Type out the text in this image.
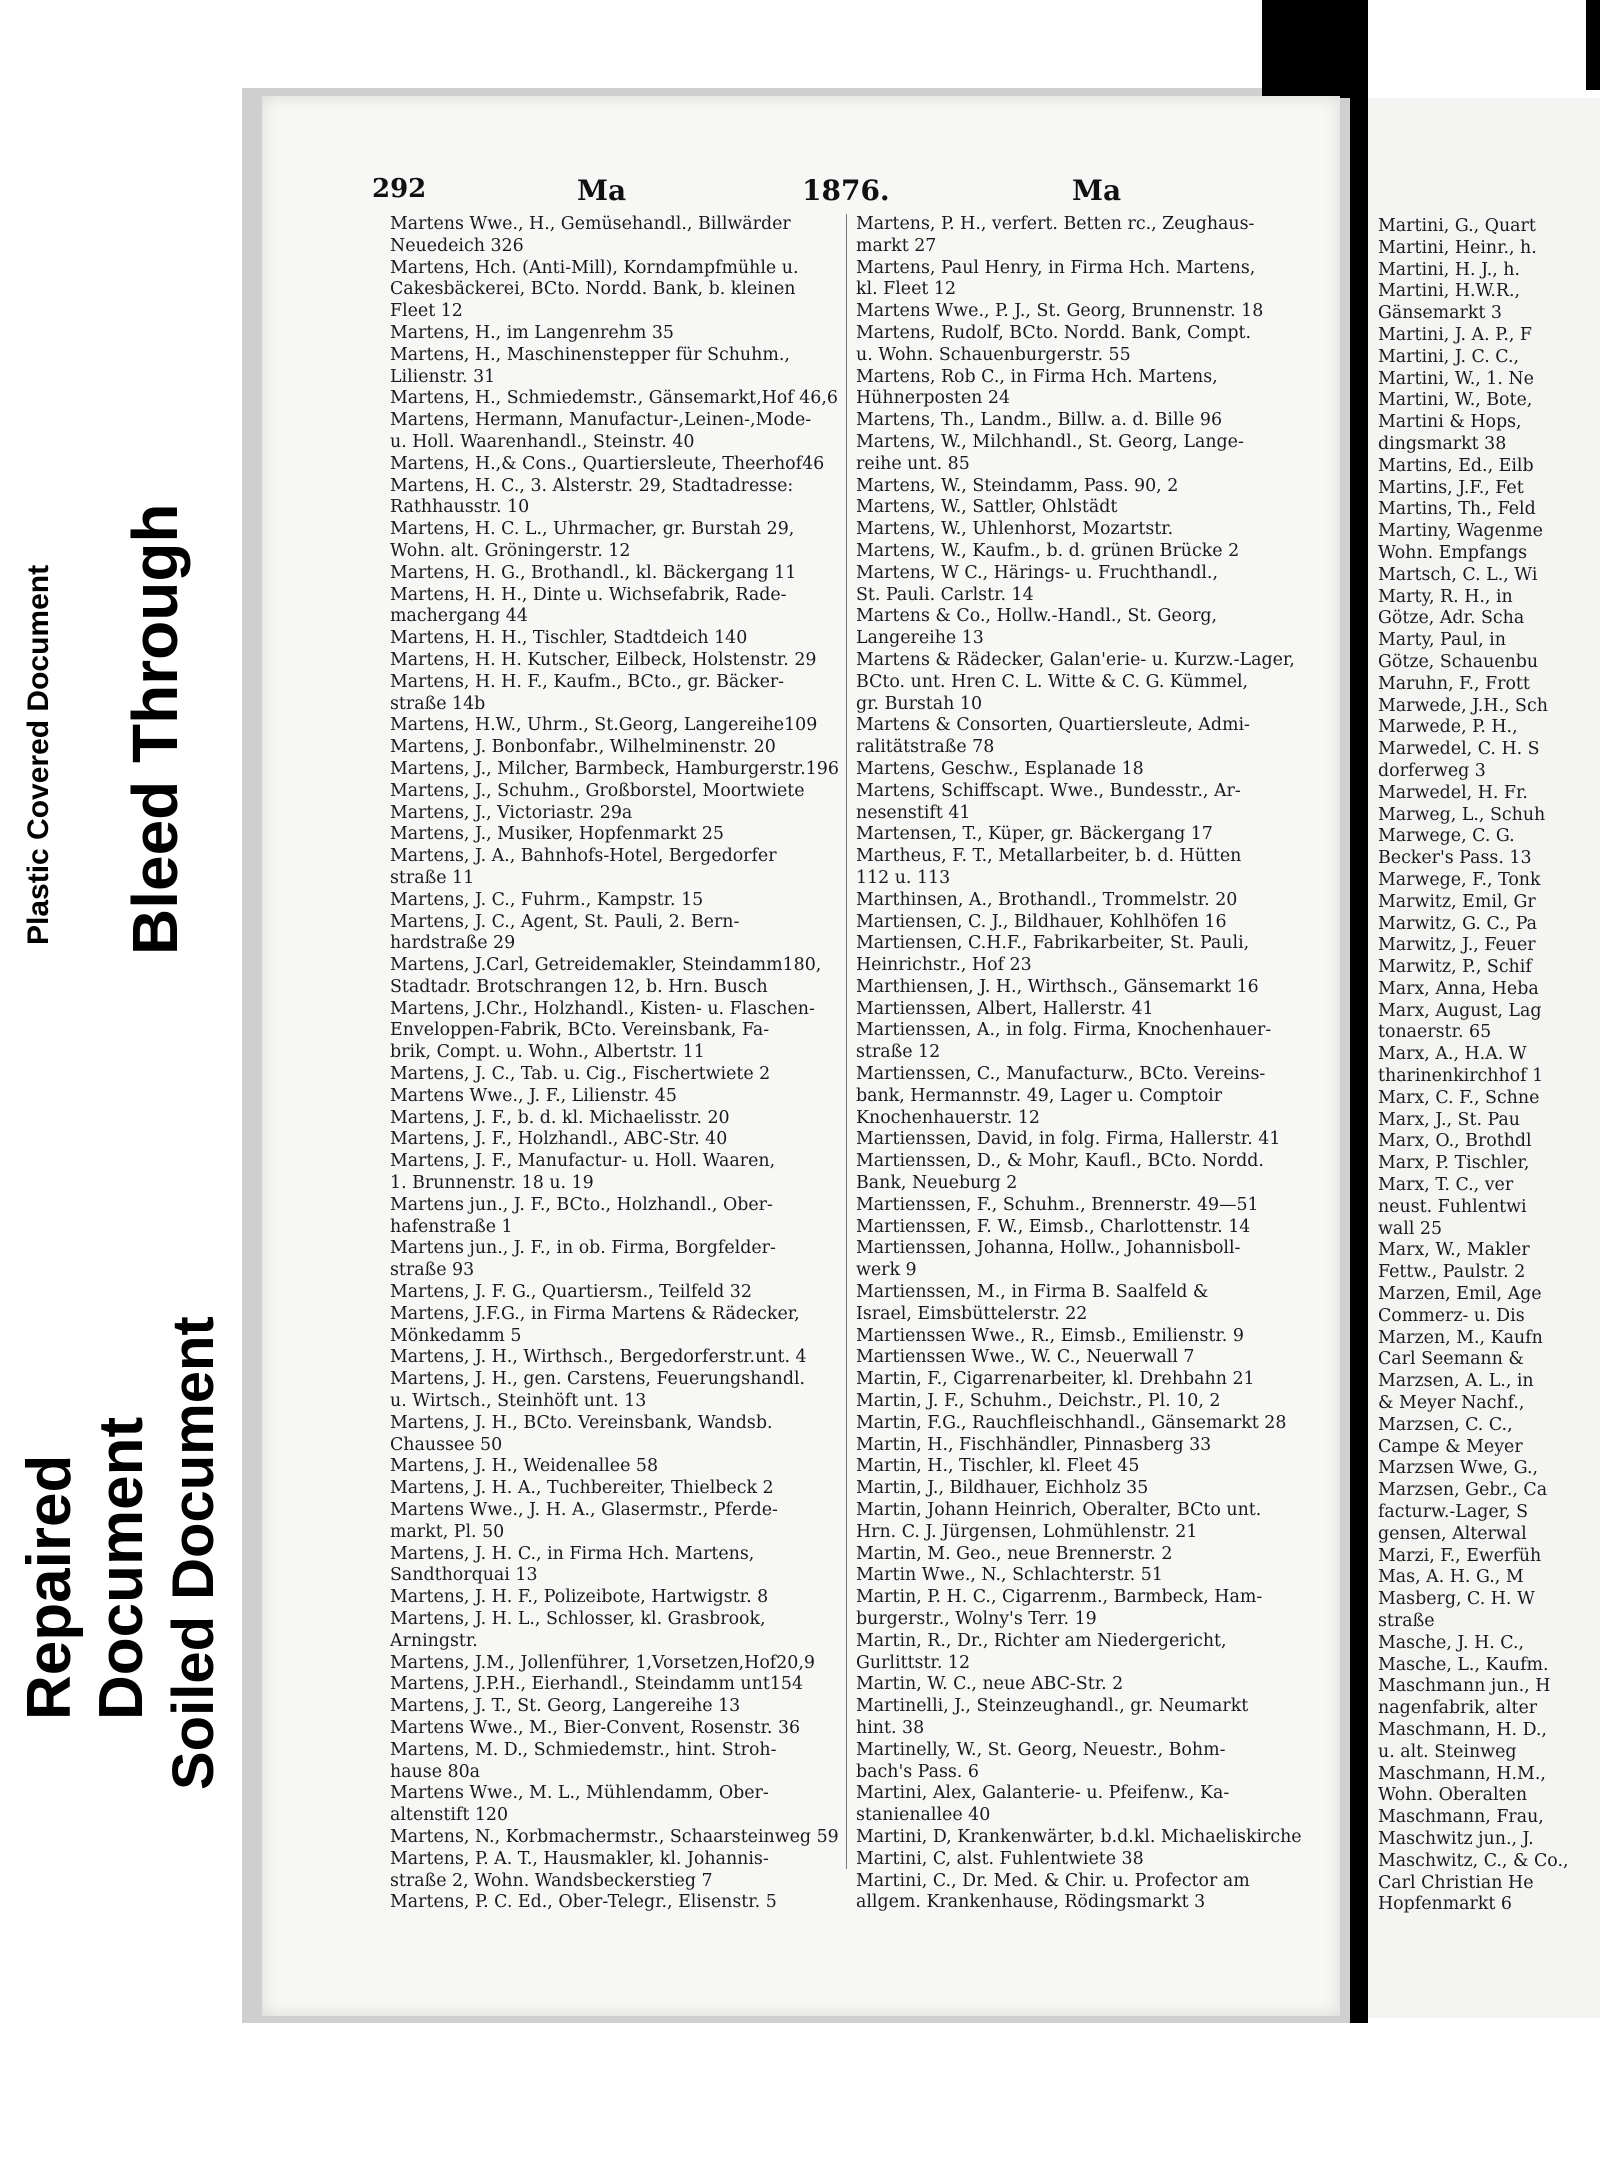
Plastic Covered Document Bleed Through
Repaired Document Soiled Document
292	Ma	1876.	Ma
Martens Wwe., H., Gemüsehandl., Billwärder
Neuedeich 326
Martens, Hch. (Anti-Mill), Korndampfmühle u.
Cakesbäckerei, BCto. Nordd. Bank, b. kleinen
Fleet 12
Martens, H., im Langenrehm 35
Martens, H., Maschinensteppеr für Schuhm.,
Lilienstr. 31
Martens, H., Schmiedemstr., Gänsemarkt,Hof 46,6
Martens, Hermann, Manufactur-,Leinen-,Mode-
u. Holl. Waarenhandl., Steinstr. 40
Martens, H.,& Cons., Quartiersleute, Theerhof46
Martens, H. C., 3. Alsterstr. 29, Stadtadresse:
Rathhausstr. 10
Martens, H. C. L., Uhrmacher, gr. Burstah 29,
Wohn. alt. Gröningerstr. 12
Martens, H. G., Brothandl., kl. Bäckergang 11
Martens, H. H., Dinte u. Wichsefabrik, Rade-
machergang 44
Martens, H. H., Tischler, Stadtdeich 140
Martens, H. H. Kutscher, Eilbeck, Holstenstr. 29
Martens, H. H. F., Kaufm., BCto., gr. Bäcker-
straße 14b
Martens, H.W., Uhrm., St.Georg, Langereihe109
Martens, J. Bonbonfabr., Wilhelminenstr. 20
Martens, J., Milcher, Barmbeck, Hamburgerstr.196
Martens, J., Schuhm., Großborstel, Moortwiete
Martens, J., Victoriastr. 29a
Martens, J., Musiker, Hopfenmarkt 25
Martens, J. A., Bahnhofs-Hotel, Bergedorfer
straße 11
Martens, J. C., Fuhrm., Kampstr. 15
Martens, J. C., Agent, St. Pauli, 2. Bern-
hardstraße 29
Martens, J.Carl, Getreidemakler, Steindamm180,
Stadtadr. Brotschrangen 12, b. Hrn. Busch
Martens, J.Chr., Holzhandl., Kisten- u. Flaschen-
Enveloppen-Fabrik, BCto. Vereinsbank, Fa-
brik, Compt. u. Wohn., Albertstr. 11
Martens, J. C., Tab. u. Cig., Fischertwiete 2
Martens Wwe., J. F., Lilienstr. 45
Martens, J. F., b. d. kl. Michaelisstr. 20
Martens, J. F., Holzhandl., ABC-Str. 40
Martens, J. F., Manufactur- u. Holl. Waaren,
1. Brunnenstr. 18 u. 19
Martens jun., J. F., BCto., Holzhandl., Ober-
hafenstraße 1
Martens jun., J. F., in ob. Firma, Borgfelder-
straße 93
Martens, J. F. G., Quartiersm., Teilfeld 32
Martens, J.F.G., in Firma Martens & Rädecker,
Mönkedamm 5
Martens, J. H., Wirthsch., Bergedorferstr.unt. 4
Martens, J. H., gen. Carstens, Feuerungshandl.
u. Wirtsch., Steinhöft unt. 13
Martens, J. H., BCto. Vereinsbank, Wandsb.
Chaussee 50
Martens, J. H., Weidenallee 58
Martens, J. H. A., Tuchbereiter, Thielbeck 2
Martens Wwe., J. H. A., Glasermstr., Pferde-
markt, Pl. 50
Martens, J. H. C., in Firma Hch. Martens,
Sandthorquai 13
Martens, J. H. F., Polizeibote, Hartwigstr. 8
Martens, J. H. L., Schlosser, kl. Grasbrook,
Arningstr.
Martens, J.M., Jollenführer, 1,Vorsetzen,Hof20,9
Martens, J.P.H., Eierhandl., Steindamm unt154
Martens, J. T., St. Georg, Langereihe 13
Martens Wwe., M., Bier-Convent, Rosenstr. 36
Martens, M. D., Schmiedemstr., hint. Stroh-
hause 80a
Martens Wwe., M. L., Mühlendamm, Ober-
altenstift 120
Martens, N., Korbmachermstr., Schaarsteinweg 59
Martens, P. A. T., Hausmakler, kl. Johannis-
straße 2, Wohn. Wandsbeckerstieg 7
Martens, P. C. Ed., Ober-Telegr., Elisenstr. 5
Martens, P. H., verfert. Betten rc., Zeughaus-
markt 27
Martens, Paul Henry, in Firma Hch. Martens,
kl. Fleet 12
Martens Wwe., P. J., St. Georg, Brunnenstr. 18
Martens, Rudolf, BCto. Nordd. Bank, Compt.
u. Wohn. Schauenburgerstr. 55
Martens, Rob C., in Firma Hch. Martens,
Hühnerposten 24
Martens, Th., Landm., Billw. a. d. Bille 96
Martens, W., Milchhandl., St. Georg, Lange-
reihe unt. 85
Martens, W., Steindamm, Pass. 90, 2
Martens, W., Sattler, Ohlstädt
Martens, W., Uhlenhorst, Mozartstr.
Martens, W., Kaufm., b. d. grünen Brücke 2
Martens, W C., Härings- u. Fruchthandl.,
St. Pauli. Carlstr. 14
Martens & Co., Hollw.-Handl., St. Georg,
Langereihe 13
Martens & Rädecker, Galan'erie- u. Kurzw.-Lager,
BCto. unt. Hren C. L. Witte & C. G. Kümmel,
gr. Burstah 10
Martens & Consorten, Quartiersleute, Admi-
ralitätstraße 78
Martens, Geschw., Esplanade 18
Martens, Schiffscapt. Wwe., Bundesstr., Ar-
nesenstift 41
Martensen, T., Küper, gr. Bäckergang 17
Martheus, F. T., Metallarbeiter, b. d. Hütten
112 u. 113
Marthinsen, A., Brothandl., Trommelstr. 20
Martiensen, C. J., Bildhauer, Kohlhöfen 16
Martiensen, C.H.F., Fabrikarbeiter, St. Pauli,
Heinrichstr., Hof 23
Marthiensen, J. H., Wirthsch., Gänsemarkt 16
Martienssen, Albert, Hallerstr. 41
Martienssen, A., in folg. Firma, Knochenhauer-
straße 12
Martienssen, C., Manufacturw., BCto. Vereins-
bank, Hermannstr. 49, Lager u. Comptoir
Knochenhauerstr. 12
Martienssen, David, in folg. Firma, Hallerstr. 41
Martienssen, D., & Mohr, Kaufl., BCto. Nordd.
Bank, Neueburg 2
Martienssen, F., Schuhm., Brennerstr. 49—51
Martienssen, F. W., Eimsb., Charlottenstr. 14
Martienssen, Johanna, Hollw., Johannisboll-
werk 9
Martienssen, M., in Firma B. Saalfeld &
Israel, Eimsbüttelerstr. 22
Martienssen Wwe., R., Eimsb., Emilienstr. 9
Martienssen Wwe., W. C., Neuerwall 7
Martin, F., Cigarrenarbeiter, kl. Drehbahn 21
Martin, J. F., Schuhm., Deichstr., Pl. 10, 2
Martin, F.G., Rauchfleischhandl., Gänsemarkt 28
Martin, H., Fischhändler, Pinnasberg 33
Martin, H., Tischler, kl. Fleet 45
Martin, J., Bildhauer, Eichholz 35
Martin, Johann Heinrich, Oberalter, BCto unt.
Hrn. C. J. Jürgensen, Lohmühlenstr. 21
Martin, M. Geo., neue Brennerstr. 2
Martin Wwe., N., Schlachterstr. 51
Martin, P. H. C., Cigarrenm., Barmbeck, Ham-
burgerstr., Wolny's Terr. 19
Martin, R., Dr., Richter am Niedergericht,
Gurlittstr. 12
Martin, W. C., neue ABC-Str. 2
Martinelli, J., Steinzeughandl., gr. Neumarkt
hint. 38
Martinelly, W., St. Georg, Neuestr., Bohm-
bach's Pass. 6
Martini, Alex, Galanterie- u. Pfeifenw., Ka-
stanienallee 40
Martini, D, Krankenwärter, b.d.kl. Michaeliskirche
Martini, C, alst. Fuhlentwiete 38
Martini, C., Dr. Med. & Chir. u. Profector am
allgem. Krankenhause, Rödingsmarkt 3
Martini, G., Quart
Martini, Heinr., h.
Martini, H. J., h.
Martini, H.W.R.,
Gänsemarkt 3
Martini, J. A. P., F
Martini, J. C. C.,
Martini, W., 1. Ne
Martini, W., Bote,
Martini & Hops,
dingsmarkt 38
Martins, Ed., Eilb
Martins, J.F., Fet
Martins, Th., Feld
Martiny, Wagenme
Wohn. Empfangs
Martsch, C. L., Wi
Marty, R. H., in
Götze, Adr. Scha
Marty, Paul, in
Götze, Schauenbu
Maruhn, F., Frott
Marwede, J.H., Sch
Marwede, P. H.,
Marwedel, C. H. S
dorferweg 3
Marwedel, H. Fr.
Marweg, L., Schuh
Marwege, C. G.
Becker's Pass. 13
Marwege, F., Tonk
Marwitz, Emil, Gr
Marwitz, G. C., Pa
Marwitz, J., Feuer
Marwitz, P., Schif
Marx, Anna, Heba
Marx, August, Lag
tonaerstr. 65
Marx, A., H.A. W
tharinenkirchhof 1
Marx, C. F., Schne
Marx, J., St. Pau
Marx, O., Brothdl
Marx, P. Tischler,
Marx, T. C., ver
neust. Fuhlentwi
wall 25
Marx, W., Makler
Fettw., Paulstr. 2
Marzen, Emil, Age
Commerz- u. Dis
Marzen, M., Kaufn
Carl Seemann &
Marzsen, A. L., in
& Meyer Nachf.,
Marzsen, C. C.,
Campe & Meyer
Marzsen Wwe, G.,
Marzsen, Gebr., Ca
facturw.-Lager, S
gensen, Alterwal
Marzi, F., Ewerfüh
Mas, A. H. G., M
Masberg, C. H. W
straße
Masche, J. H. C.,
Masche, L., Kaufm.
Maschmann jun., H
nagenfabrik, alter
Maschmann, H. D.,
u. alt. Steinweg
Maschmann, H.M.,
Wohn. Oberalten
Maschmann, Frau,
Maschwitz jun., J.
Maschwitz, C., & Co.,
Carl Christian He
Hopfenmarkt 6
